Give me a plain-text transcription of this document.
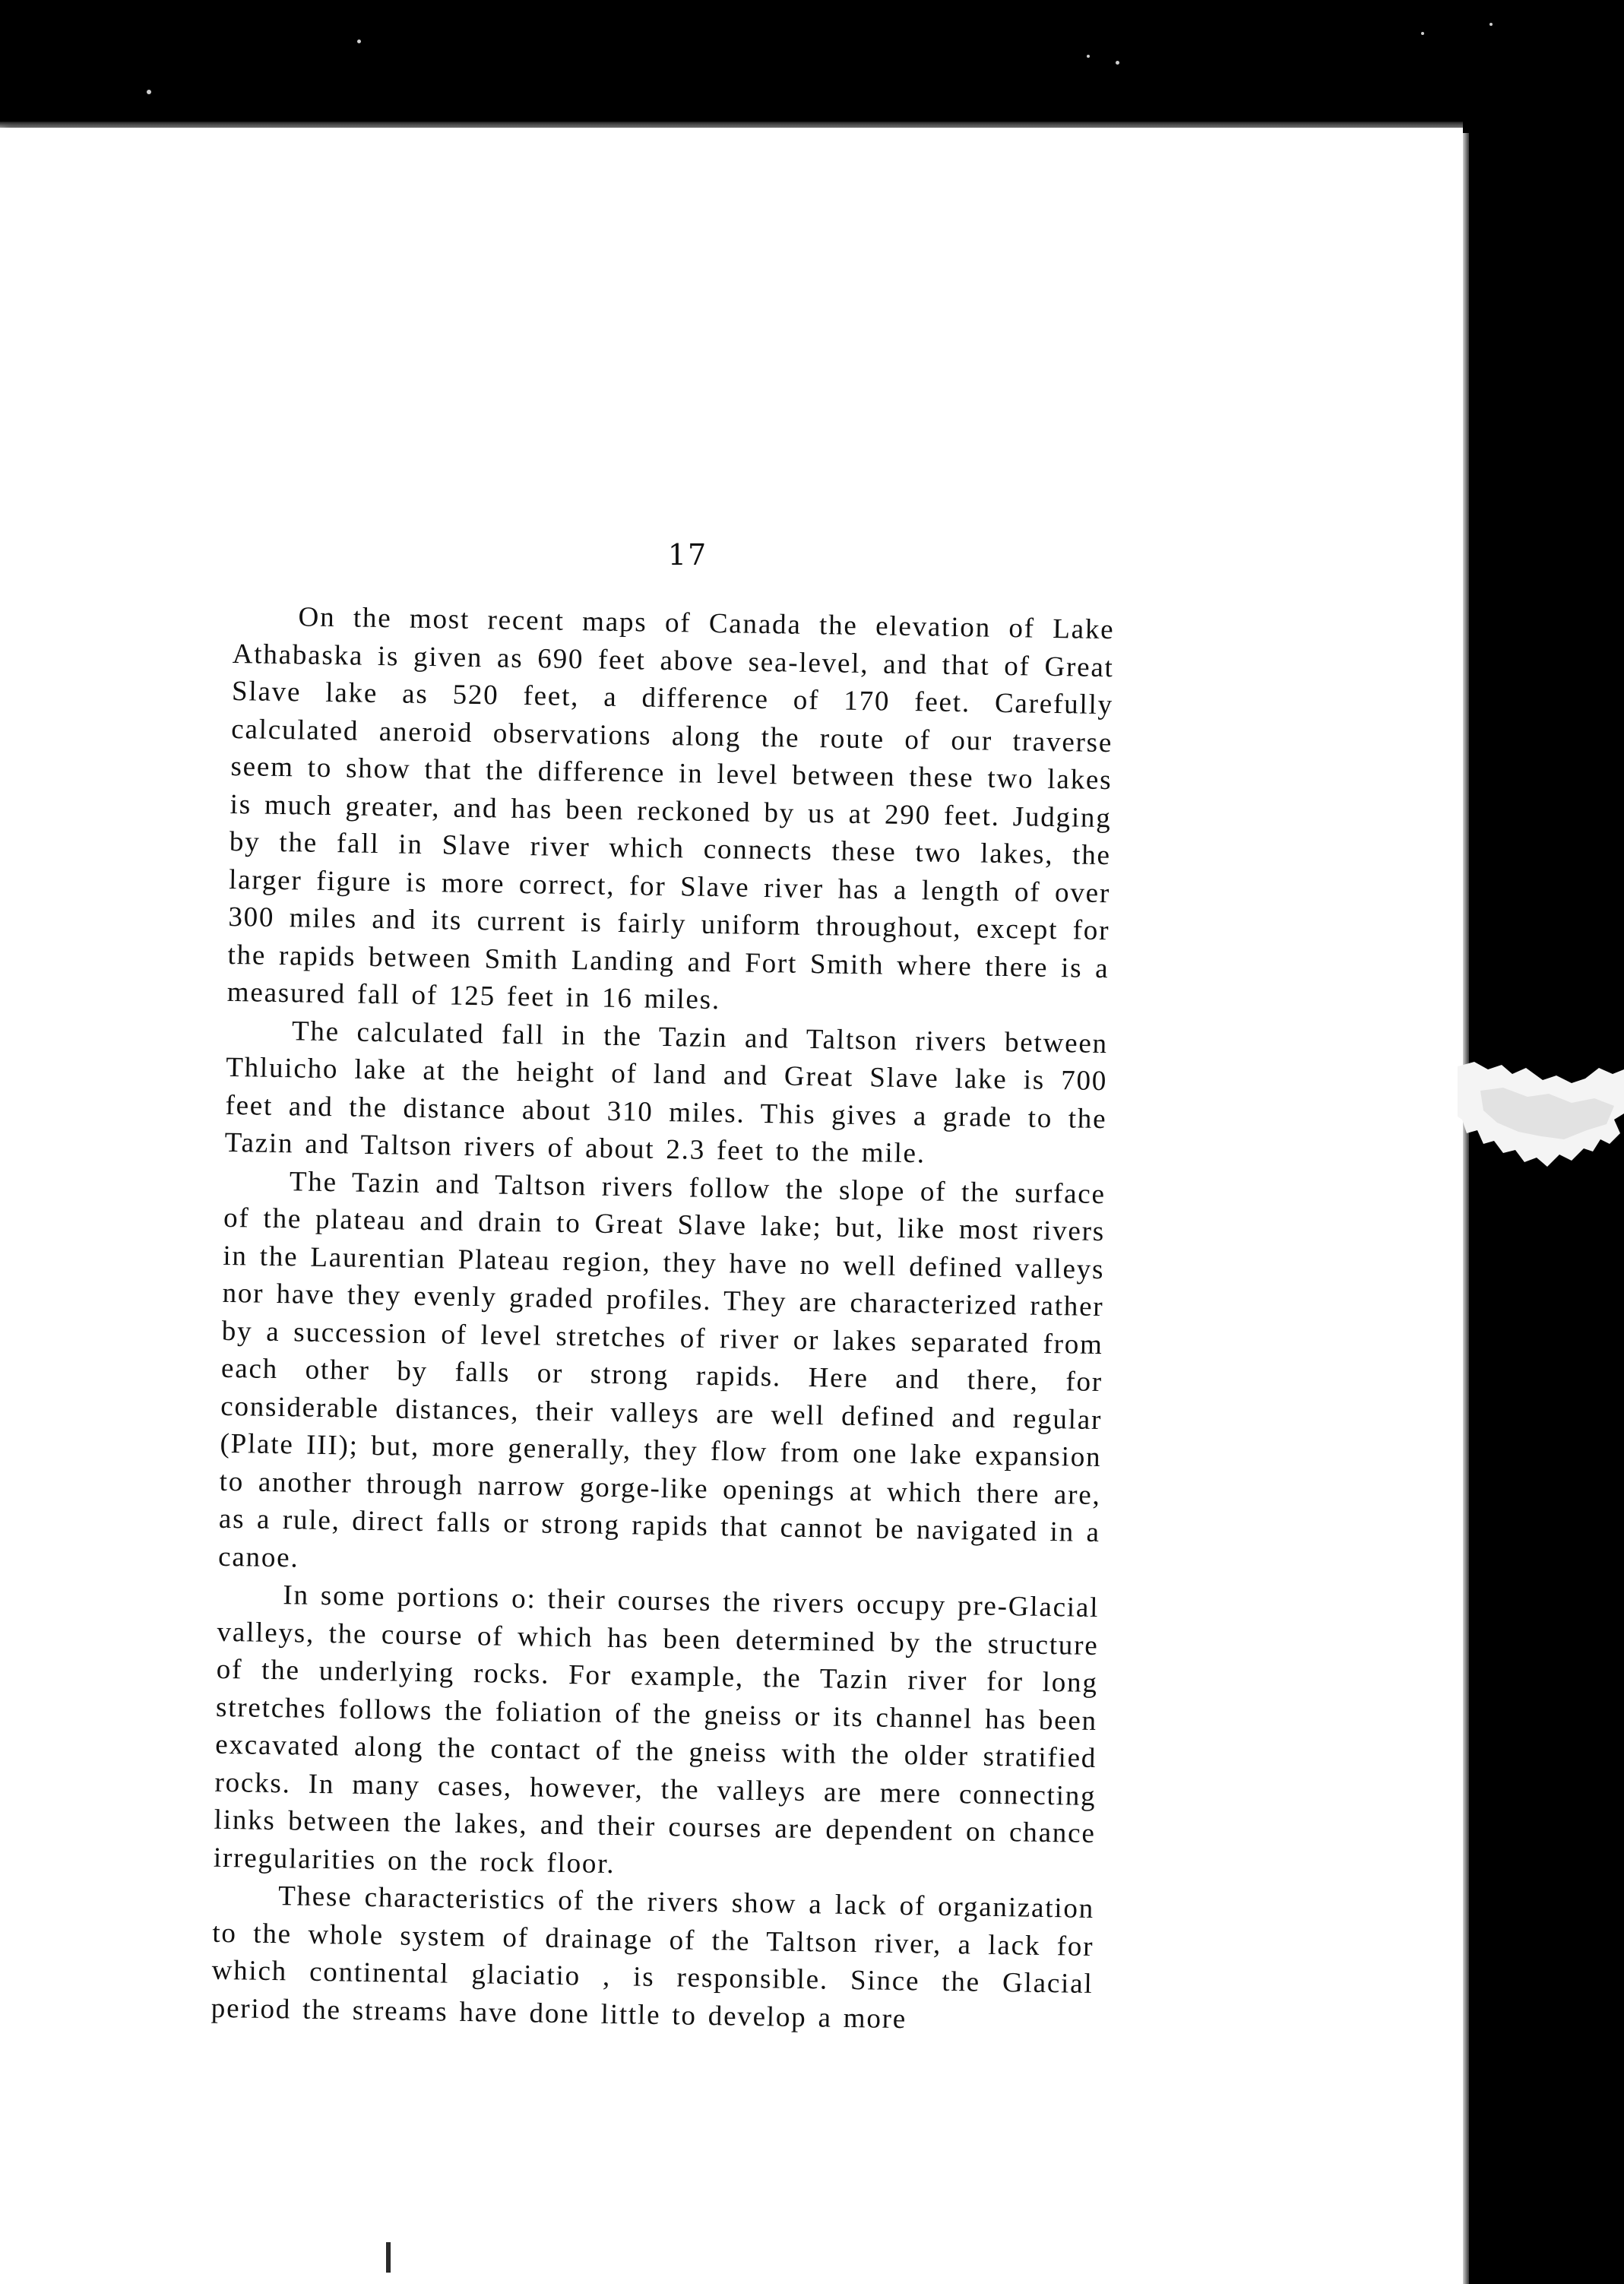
17

On the most recent maps of Canada the elevation of Lake Athabaska is given as 690 feet above sea-level, and that of Great Slave lake as 520 feet, a difference of 170 feet. Carefully calculated aneroid observations along the route of our traverse seem to show that the difference in level between these two lakes is much greater, and has been reckoned by us at 290 feet. Judging by the fall in Slave river which connects these two lakes, the larger figure is more correct, for Slave river has a length of over 300 miles and its current is fairly uniform throughout, except for the rapids between Smith Landing and Fort Smith where there is a measured fall of 125 feet in 16 miles.

The calculated fall in the Tazin and Taltson rivers between Thluicho lake at the height of land and Great Slave lake is 700 feet and the distance about 310 miles. This gives a grade to the Tazin and Taltson rivers of about 2.3 feet to the mile.

The Tazin and Taltson rivers follow the slope of the surface of the plateau and drain to Great Slave lake; but, like most rivers in the Laurentian Plateau region, they have no well defined valleys nor have they evenly graded profiles. They are characterized rather by a succession of level stretches of river or lakes separated from each other by falls or strong rapids. Here and there, for considerable distances, their valleys are well defined and regular (Plate III); but, more generally, they flow from one lake expansion to another through narrow gorge-like openings at which there are, as a rule, direct falls or strong rapids that cannot be navigated in a canoe.

In some portions o: their courses the rivers occupy pre-Glacial valleys, the course of which has been determined by the structure of the underlying rocks. For example, the Tazin river for long stretches follows the foliation of the gneiss or its channel has been excavated along the contact of the gneiss with the older stratified rocks. In many cases, however, the valleys are mere connecting links between the lakes, and their courses are dependent on chance irregularities on the rock floor.

These characteristics of the rivers show a lack of organization to the whole system of drainage of the Taltson river, a lack for which continental glaciatio , is responsible. Since the Glacial period the streams have done little to develop a more
